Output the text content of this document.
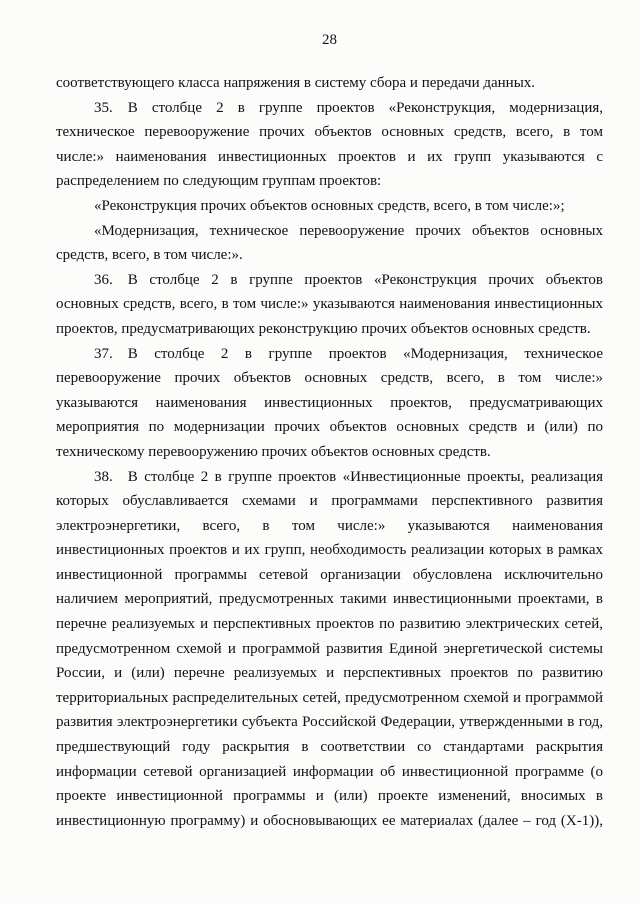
28

соответствующего класса напряжения в систему сбора и передачи данных.

35. В столбце 2 в группе проектов «Реконструкция, модернизация, техническое перевооружение прочих объектов основных средств, всего, в том числе:» наименования инвестиционных проектов и их групп указываются с распределением по следующим группам проектов:

«Реконструкция прочих объектов основных средств, всего, в том числе:»;

«Модернизация, техническое перевооружение прочих объектов основных средств, всего, в том числе:».

36. В столбце 2 в группе проектов «Реконструкция прочих объектов основных средств, всего, в том числе:» указываются наименования инвестиционных проектов, предусматривающих реконструкцию прочих объектов основных средств.

37. В столбце 2 в группе проектов «Модернизация, техническое перевооружение прочих объектов основных средств, всего, в том числе:» указываются наименования инвестиционных проектов, предусматривающих мероприятия по модернизации прочих объектов основных средств и (или) по техническому перевооружению прочих объектов основных средств.

38. В столбце 2 в группе проектов «Инвестиционные проекты, реализация которых обуславливается схемами и программами перспективного развития электроэнергетики, всего, в том числе:» указываются наименования инвестиционных проектов и их групп, необходимость реализации которых в рамках инвестиционной программы сетевой организации обусловлена исключительно наличием мероприятий, предусмотренных такими инвестиционными проектами, в перечне реализуемых и перспективных проектов по развитию электрических сетей, предусмотренном схемой и программой развития Единой энергетической системы России, и (или) перечне реализуемых и перспективных проектов по развитию территориальных распределительных сетей, предусмотренном схемой и программой развития электроэнергетики субъекта Российской Федерации, утвержденными в год, предшествующий году раскрытия в соответствии со стандартами раскрытия информации сетевой организацией информации об инвестиционной программе (о проекте инвестиционной программы и (или) проекте изменений, вносимых в инвестиционную программу) и обосновывающих ее материалах (далее – год (Х-1)),
